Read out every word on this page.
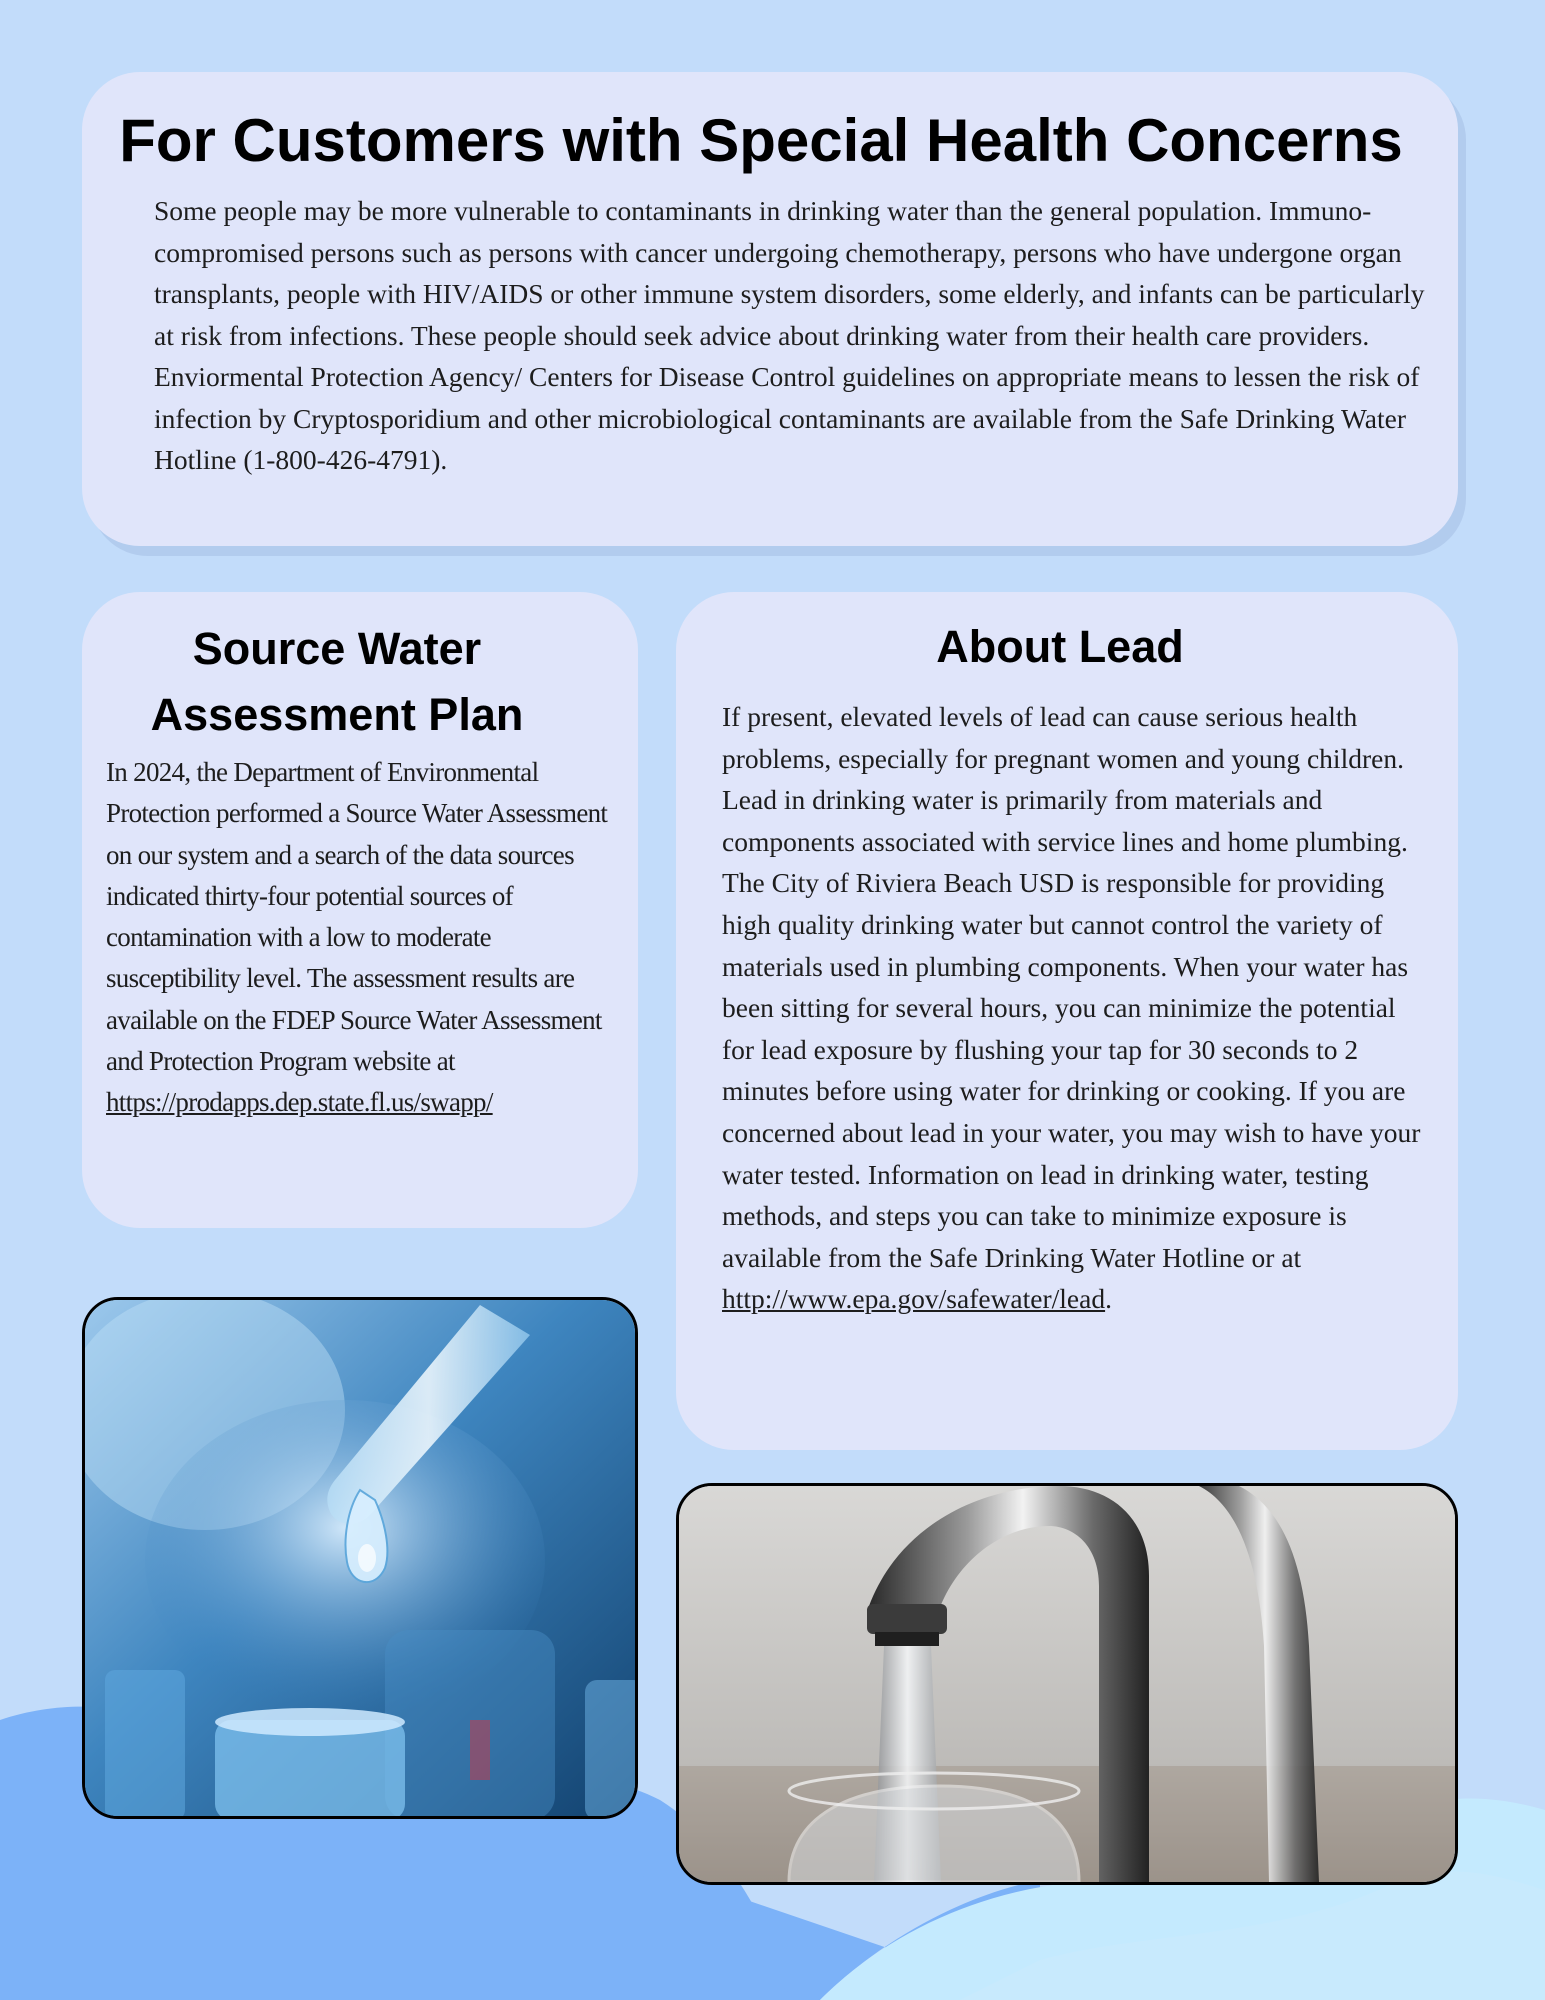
For Customers with Special Health Concerns

Some people may be more vulnerable to contaminants in drinking water than the general population. Immuno-compromised persons such as persons with cancer undergoing chemotherapy, persons who have undergone organ transplants, people with HIV/AIDS or other immune system disorders, some elderly, and infants can be particularly at risk from infections. These people should seek advice about drinking water from their health care providers. Enviormental Protection Agency/ Centers for Disease Control guidelines on appropriate means to lessen the risk of infection by Cryptosporidium and other microbiological contaminants are available from the Safe Drinking Water Hotline (1-800-426-4791).

Source Water Assessment Plan

In 2024, the Department of Environmental Protection performed a Source Water Assessment on our system and a search of the data sources indicated thirty-four potential sources of contamination with a low to moderate susceptibility level. The assessment results are available on the FDEP Source Water Assessment and Protection Program website at https://prodapps.dep.state.fl.us/swapp/

About Lead

If present, elevated levels of lead can cause serious health problems, especially for pregnant women and young children. Lead in drinking water is primarily from materials and components associated with service lines and home plumbing. The City of Riviera Beach USD is responsible for providing high quality drinking water but cannot control the variety of materials used in plumbing components. When your water has been sitting for several hours, you can minimize the potential for lead exposure by flushing your tap for 30 seconds to 2 minutes before using water for drinking or cooking. If you are concerned about lead in your water, you may wish to have your water tested. Information on lead in drinking water, testing methods, and steps you can take to minimize exposure is available from the Safe Drinking Water Hotline or at http://www.epa.gov/safewater/lead.
